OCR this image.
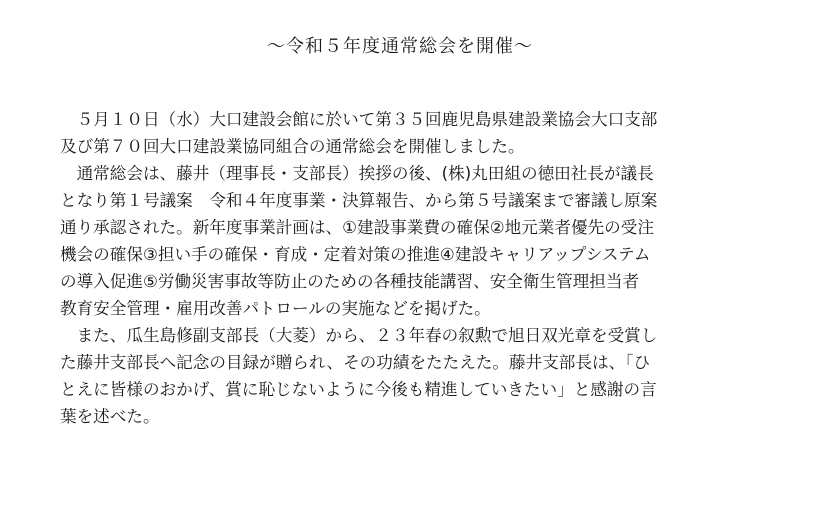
～令和５年度通常総会を開催～
　５月１０日（水）大口建設会館に於いて第３５回鹿児島県建設業協会大口支部
及び第７０回大口建設業協同組合の通常総会を開催しました。
　通常総会は、藤井（理事長・支部長）挨拶の後、(株)丸田組の徳田社長が議長
となり第１号議案　令和４年度事業・決算報告、から第５号議案まで審議し原案
通り承認された。新年度事業計画は、①建設事業費の確保②地元業者優先の受注
機会の確保③担い手の確保・育成・定着対策の推進④建設キャリアップシステム
の導入促進⑤労働災害事故等防止のための各種技能講習、安全衛生管理担当者
教育安全管理・雇用改善パトロールの実施などを掲げた。
　また、瓜生島修副支部長（大菱）から、２３年春の叙勲で旭日双光章を受賞し
た藤井支部長へ記念の目録が贈られ、その功績をたたえた。藤井支部長は、「ひ
とえに皆様のおかげ、賞に恥じないように今後も精進していきたい」と感謝の言
葉を述べた。
